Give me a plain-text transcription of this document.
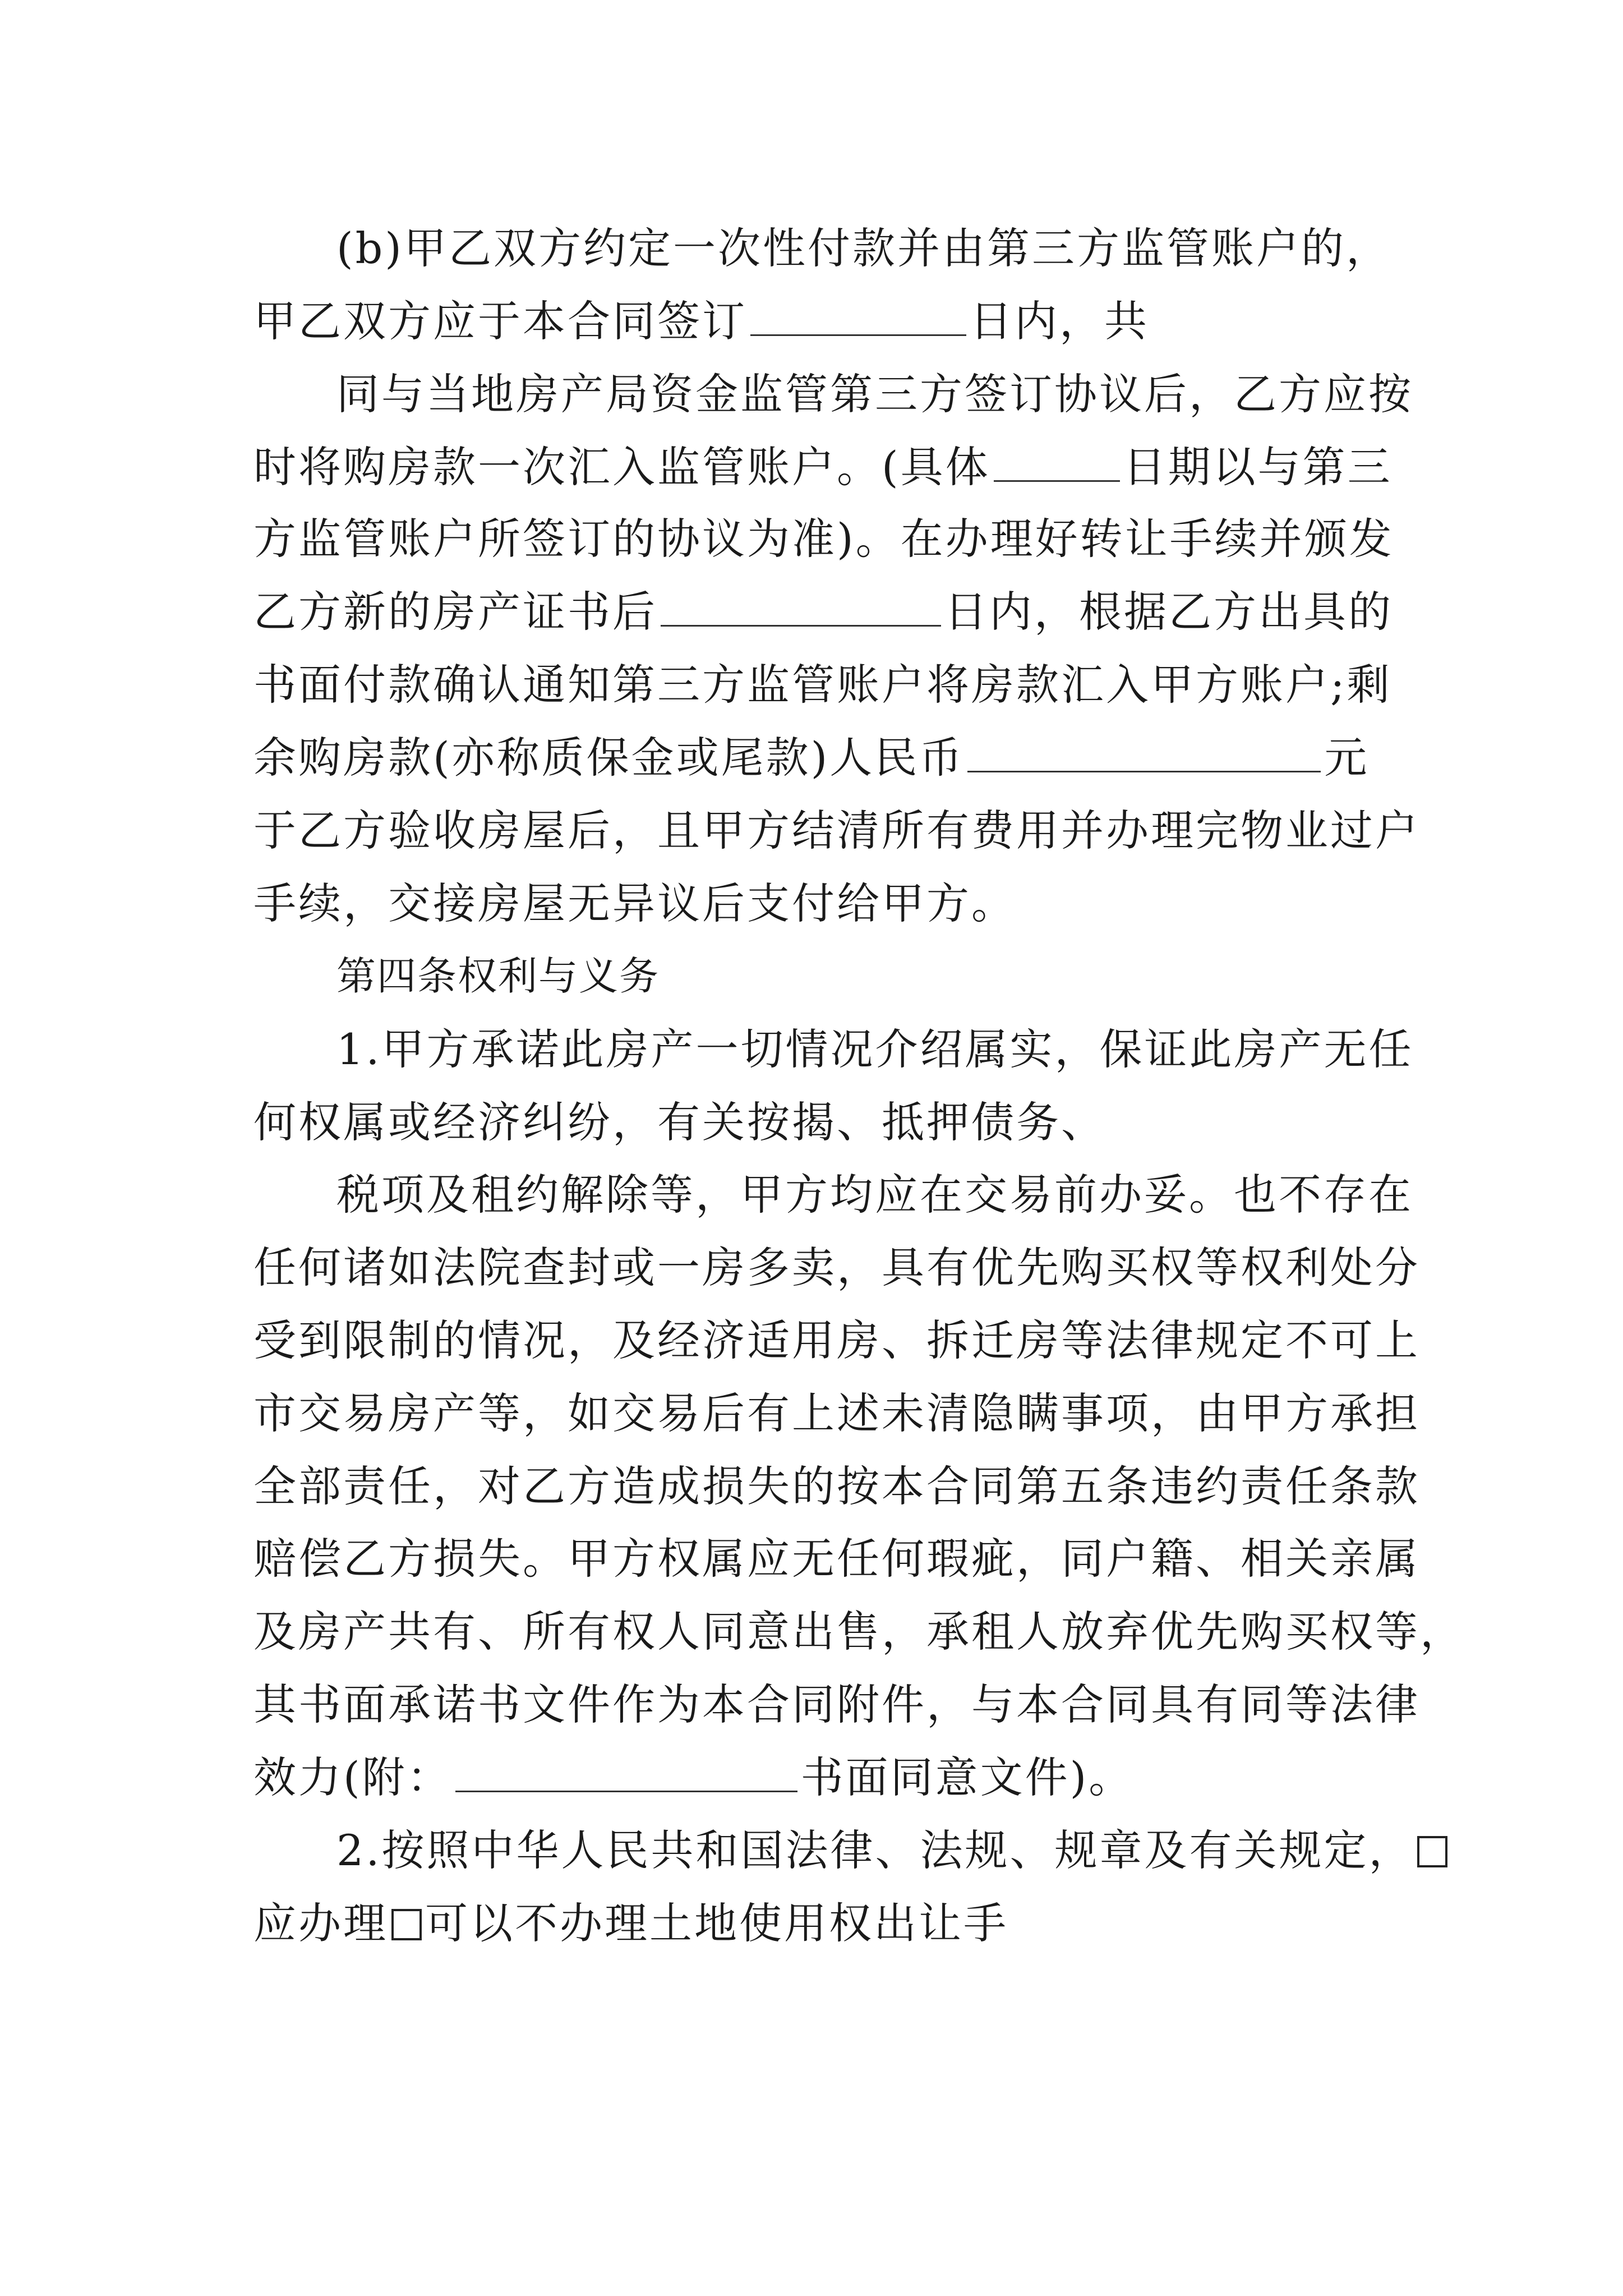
(b)甲乙双方约定一次性付款并由第三方监管账户的，
甲乙双方应于本合同签订	日内，共
同与当地房产局资金监管第三方签订协议后，乙方应按
时将购房款一次汇入监管账户。(具体	日期以与第三
方监管账户所签订的协议为准)。在办理好转让手续并颁发
乙方新的房产证书后	日内，根据乙方出具的
书面付款确认通知第三方监管账户将房款汇入甲方账户;剩
余购房款(亦称质保金或尾款)人民币	元
于乙方验收房屋后，且甲方结清所有费用并办理完物业过户
手续，交接房屋无异议后支付给甲方。
第四条权利与义务
1.甲方承诺此房产一切情况介绍属实，保证此房产无任
何权属或经济纠纷，有关按揭、抵押债务、
税项及租约解除等，甲方均应在交易前办妥。也不存在
任何诸如法院查封或一房多卖，具有优先购买权等权利处分
受到限制的情况，及经济适用房、拆迁房等法律规定不可上
市交易房产等，如交易后有上述未清隐瞒事项，由甲方承担
全部责任，对乙方造成损失的按本合同第五条违约责任条款
赔偿乙方损失。甲方权属应无任何瑕疵，同户籍、相关亲属
及房产共有、所有权人同意出售，承租人放弃优先购买权等，
其书面承诺书文件作为本合同附件，与本合同具有同等法律
效力(附：	书面同意文件)。
2.按照中华人民共和国法律、法规、规章及有关规定，
应办理 可以不办理土地使用权出让手
